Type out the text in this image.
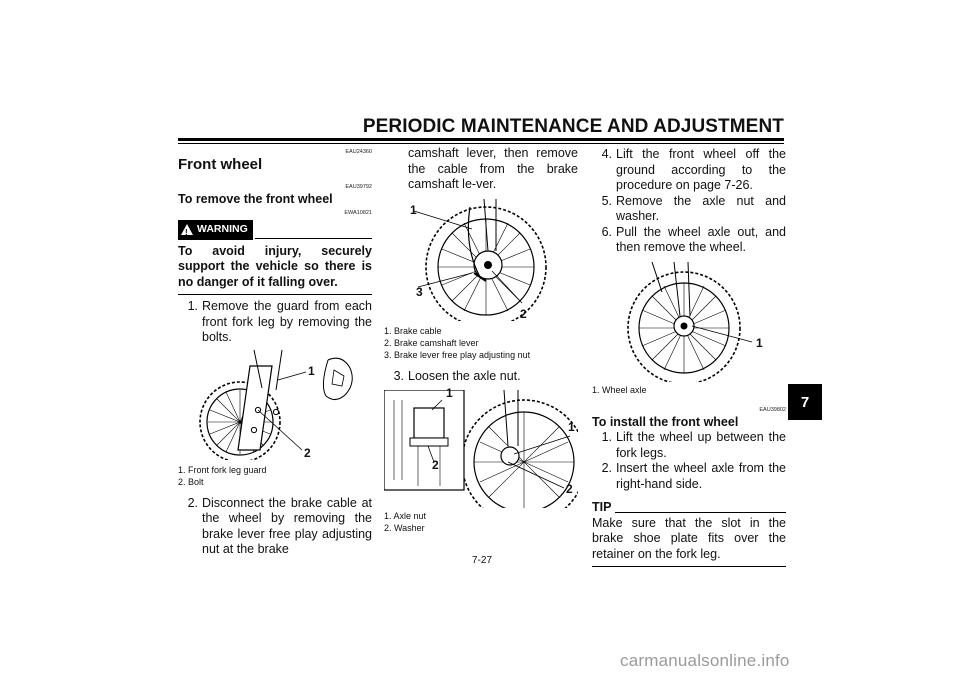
PERIODIC MAINTENANCE AND ADJUSTMENT
7
EAU24360
Front wheel
EAU39792
To remove the front wheel
EWA10821
! WARNING
To avoid injury, securely support the vehicle so there is no danger of it falling over.
1. Remove the guard from each front fork leg by removing the bolts.
1
2
1. Front fork leg guard
2. Bolt
2. Disconnect the brake cable at the wheel by removing the brake lever free play adjusting nut at the brake
camshaft lever, then remove the cable from the brake camshaft le-ver.
1
2
3
1. Brake cable
2. Brake camshaft lever
3. Brake lever free play adjusting nut
3. Loosen the axle nut.
1
2
1
2
1. Axle nut
2. Washer
4. Lift the front wheel off the ground according to the procedure on page 7-26.
5. Remove the axle nut and washer.
6. Pull the wheel axle out, and then remove the wheel.
1
1. Wheel axle
EAU39802
To install the front wheel
1. Lift the wheel up between the fork legs.
2. Insert the wheel axle from the right-hand side.
TIP
Make sure that the slot in the brake shoe plate fits over the retainer on the fork leg.
7-27
carmanualsonline.info
